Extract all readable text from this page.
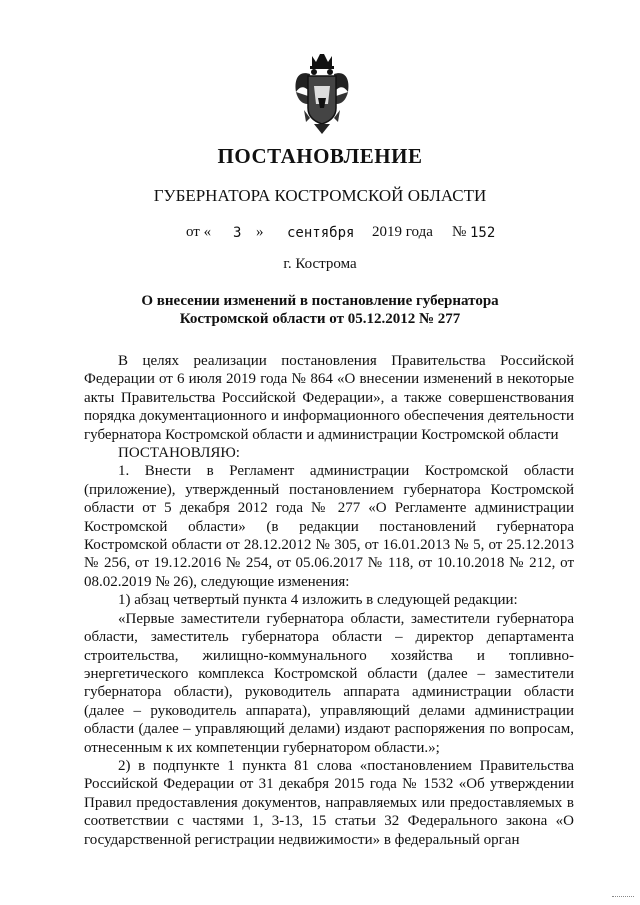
ПОСТАНОВЛЕНИЕ
ГУБЕРНАТОРА КОСТРОМСКОЙ ОБЛАСТИ
от « 3 » сентября 2019 года № 152
г. Кострома
О внесении изменений в постановление губернатора
Костромской области от 05.12.2012 № 277

В целях реализации постановления Правительства Российской Федерации от 6 июля 2019 года № 864 «О внесении изменений в некоторые акты Правительства Российской Федерации», а также совершенствования порядка документационного и информационного обеспечения деятельности губернатора Костромской области и администрации Костромской области

ПОСТАНОВЛЯЮ:

1. Внести в Регламент администрации Костромской области (приложение), утвержденный постановлением губернатора Костромской области от 5 декабря 2012 года № 277 «О Регламенте администрации Костромской области» (в редакции постановлений губернатора Костромской области от 28.12.2012 № 305, от 16.01.2013 № 5, от 25.12.2013 № 256, от 19.12.2016 № 254, от 05.06.2017 № 118, от 10.10.2018 № 212, от 08.02.2019 № 26), следующие изменения:

1) абзац четвертый пункта 4 изложить в следующей редакции:

«Первые заместители губернатора области, заместители губернатора области, заместитель губернатора области – директор департамента строительства, жилищно-коммунального хозяйства и топливно-энергетического комплекса Костромской области (далее – заместители губернатора области), руководитель аппарата администрации области (далее – руководитель аппарата), управляющий делами администрации области (далее – управляющий делами) издают распоряжения по вопросам, отнесенным к их компетенции губернатором области.»;

2) в подпункте 1 пункта 81 слова «постановлением Правительства Российской Федерации от 31 декабря 2015 года № 1532 «Об утверждении Правил предоставления документов, направляемых или предоставляемых в соответствии с частями 1, 3-13, 15 статьи 32 Федерального закона «О государственной регистрации недвижимости» в федеральный орган
